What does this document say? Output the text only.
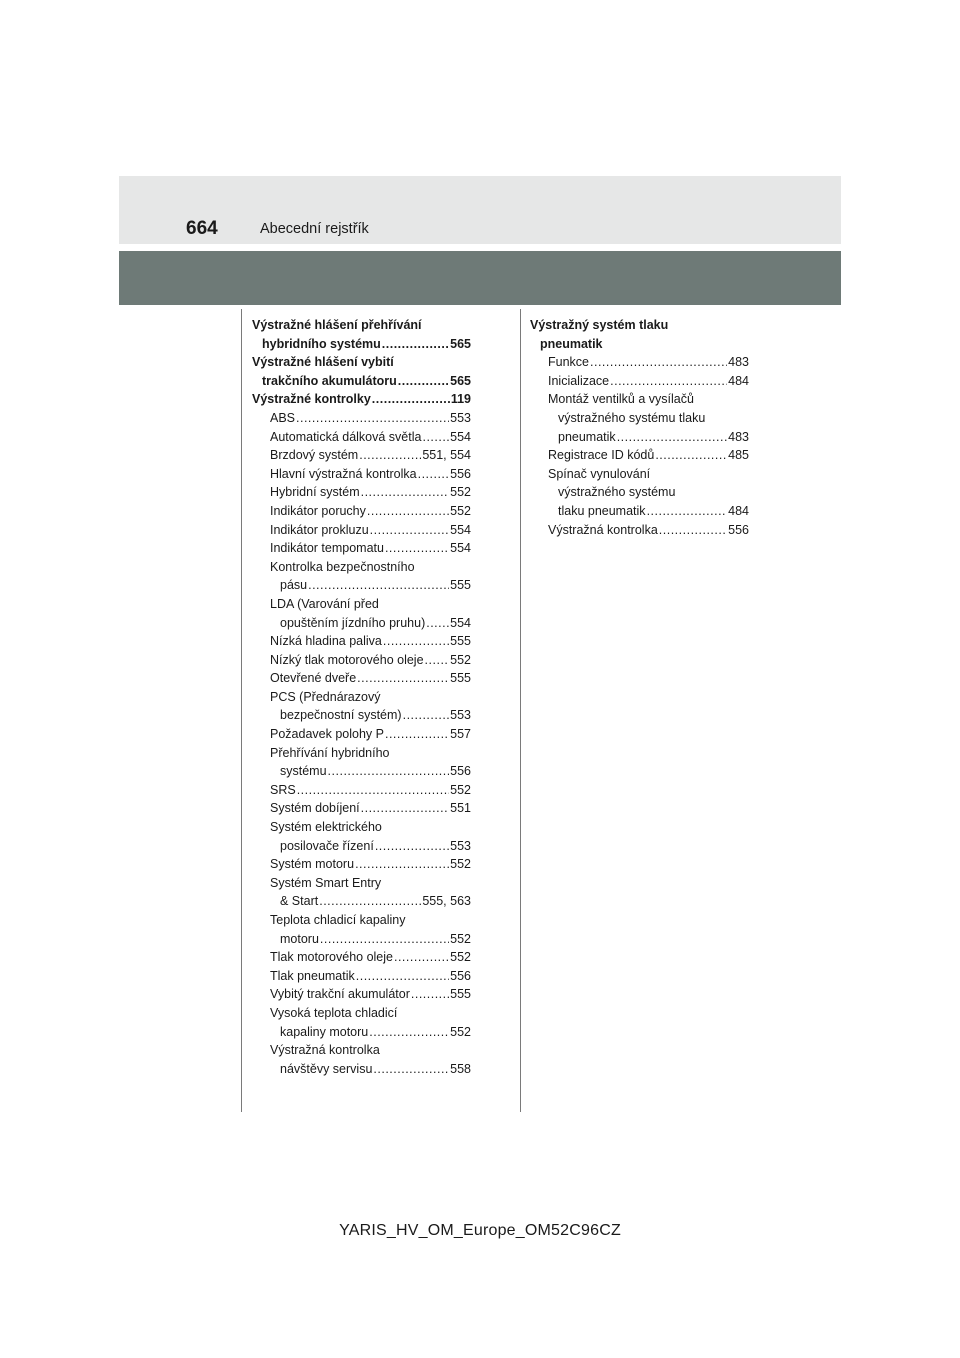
664	Abecední rejstřík
Výstražné hlášení přehřívání
hybridního systému .....	565
Výstražné hlášení vybití
trakčního akumulátoru .....	565
Výstražné kontrolky .....	119
ABS .....	553
Automatická dálková světla ..... 554
Brzdový systém .....	551, 554
Hlavní výstražná kontrolka .....	556
Hybridní systém .....	552
Indikátor poruchy .....	552
Indikátor prokluzu .....	554
Indikátor tempomatu .....	554
Kontrolka bezpečnostního
pásu .....	555
LDA (Varování před
opuštěním jízdního pruhu) ..... 554
Nízká hladina paliva .....	555
Nízký tlak motorového oleje ..... 552
Otevřené dveře .....	555
PCS (Přednárazový
bezpečnostní systém) .....	553
Požadavek polohy P .....	557
Přehřívání hybridního
systému .....	556
SRS .....	552
Systém dobíjení .....	551
Systém elektrického
posilovače řízení .....	553
Systém motoru .....	552
Systém Smart Entry
& Start .....	555, 563
Teplota chladicí kapaliny
motoru .....	552
Tlak motorového oleje .....	552
Tlak pneumatik .....	556
Vybitý trakční akumulátor .....	555
Vysoká teplota chladicí
kapaliny motoru .....	552
Výstražná kontrolka
návštěvy servisu .....	558
Výstražný systém tlaku
pneumatik
Funkce .....	483
Inicializace .....	484
Montáž ventilků a vysílačů
výstražného systému tlaku
pneumatik .....	483
Registrace ID kódů .....	485
Spínač vynulování
výstražného systému
tlaku pneumatik .....	484
Výstražná kontrolka .....	556
YARIS_HV_OM_Europe_OM52C96CZ
